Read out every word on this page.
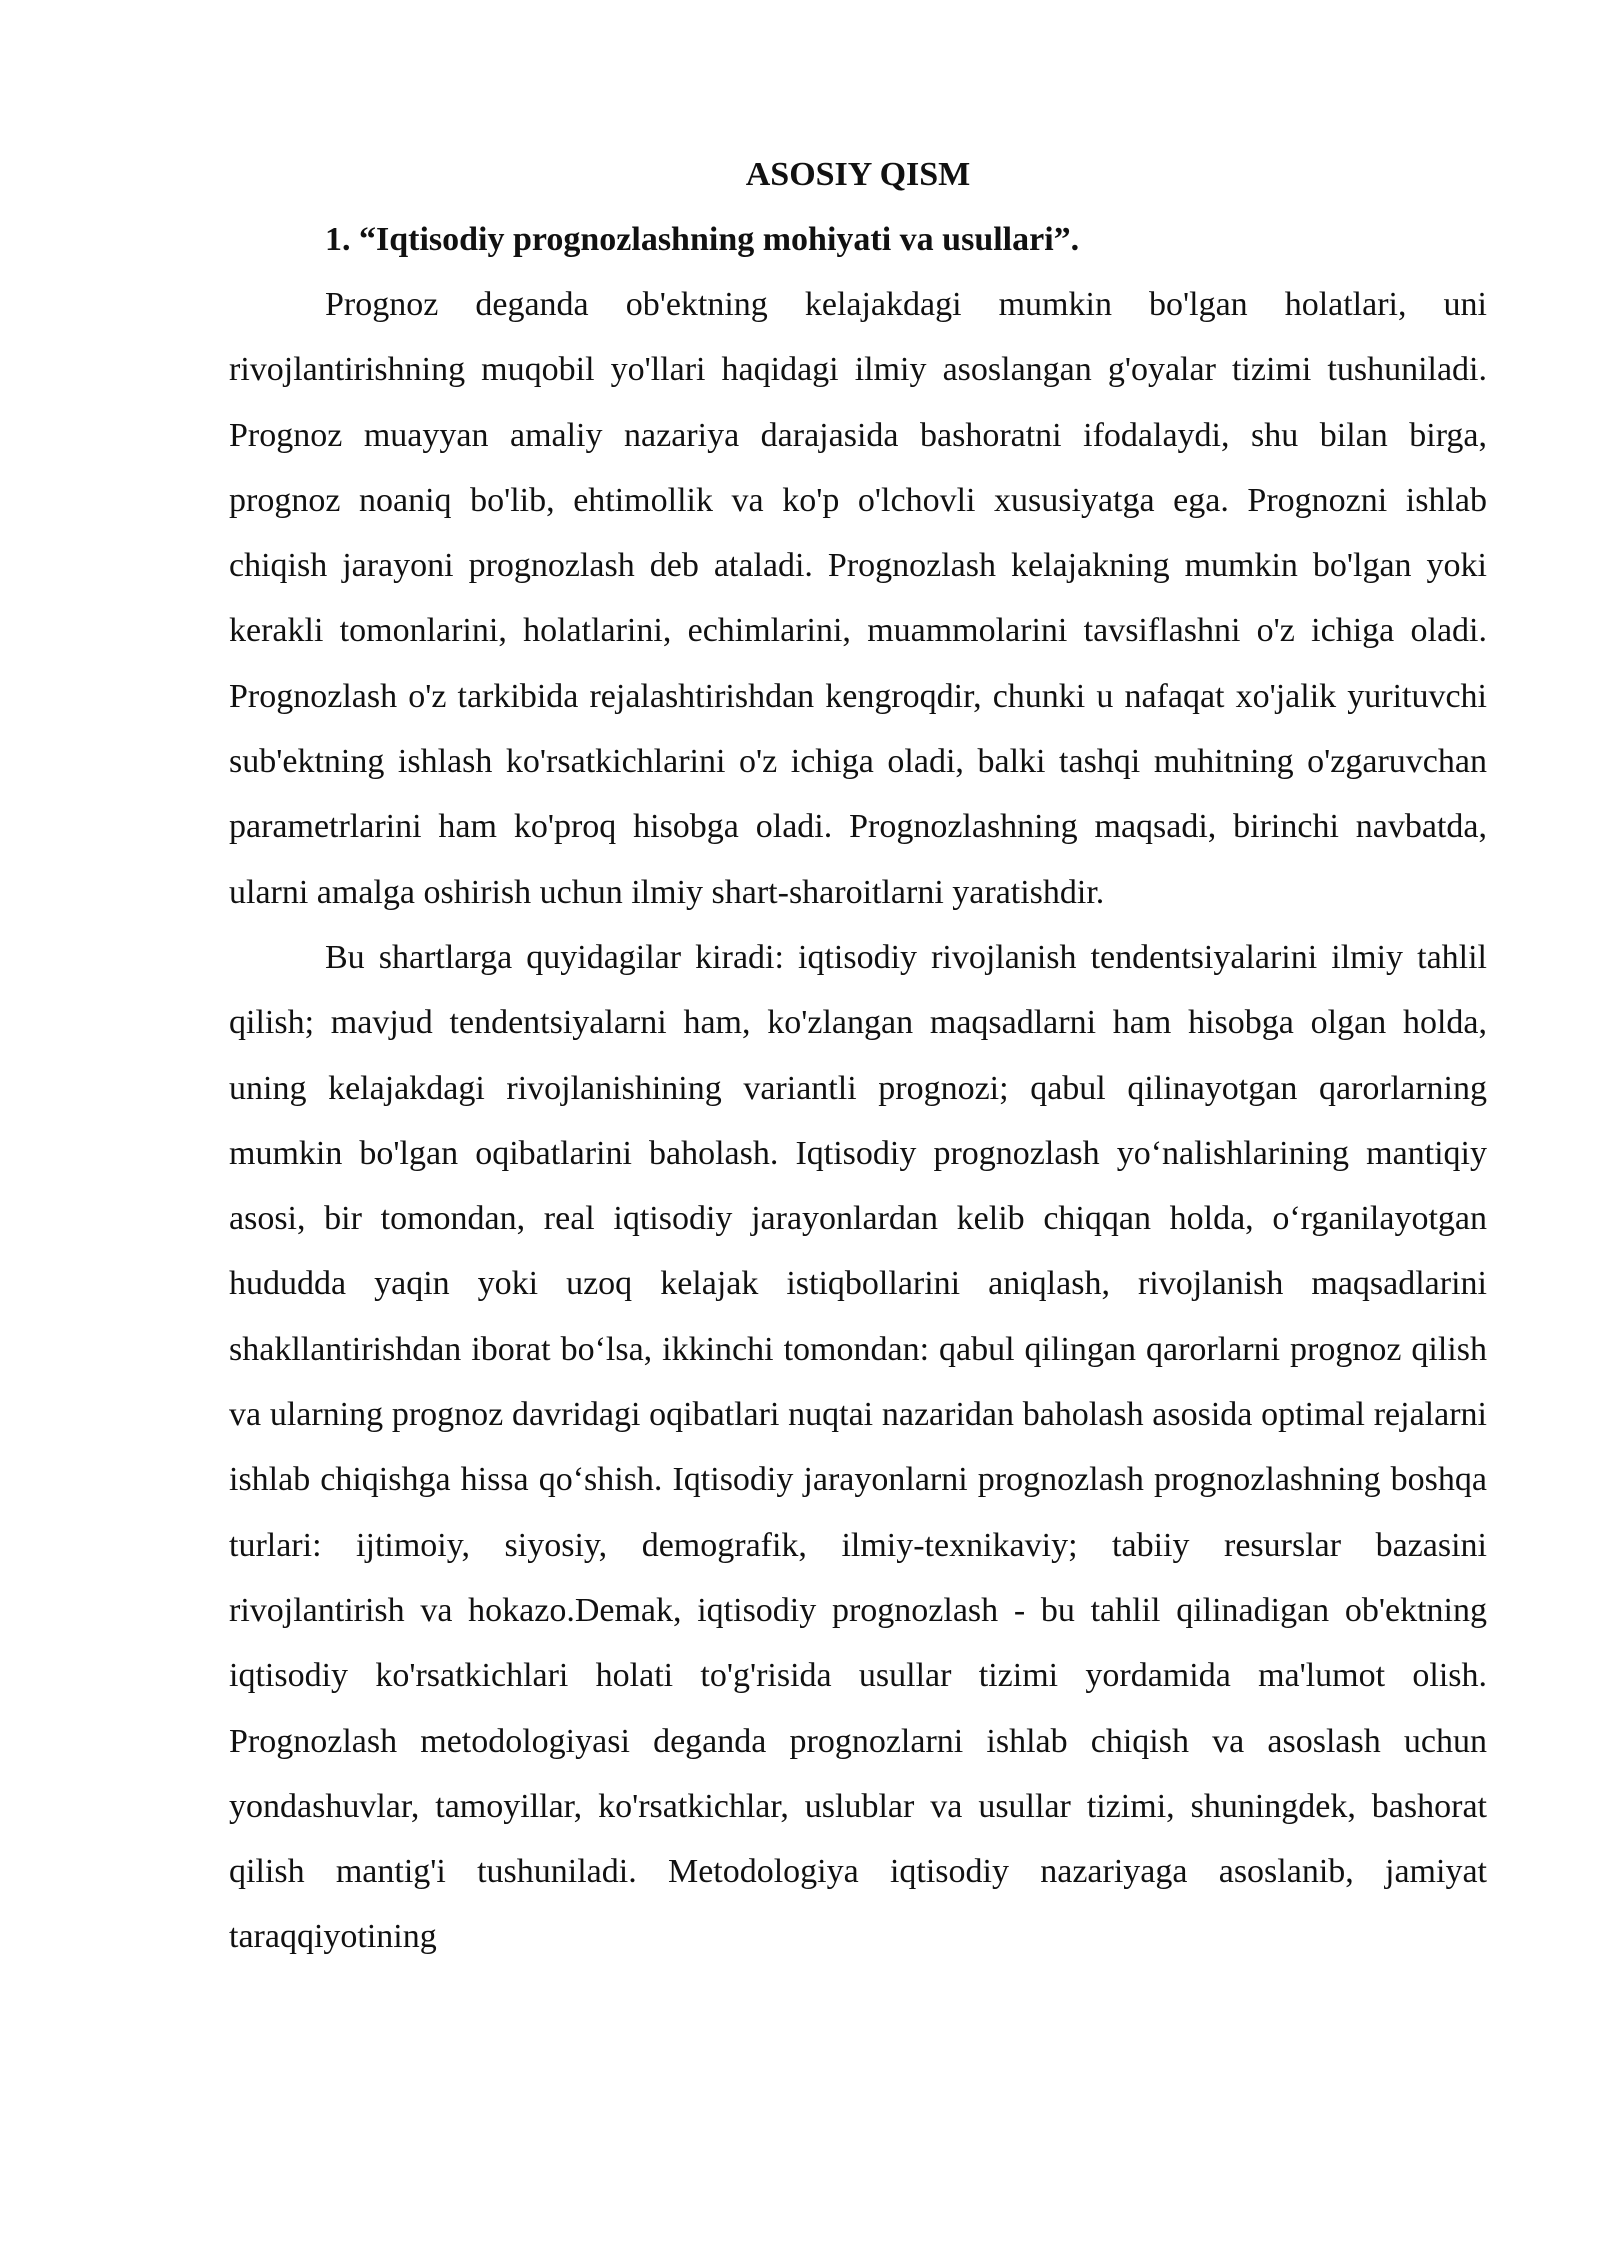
ASOSIY QISM

1. “Iqtisodiy prognozlashning mohiyati va usullari”.

Prognoz deganda ob'ektning kelajakdagi mumkin bo'lgan holatlari, uni rivojlantirishning muqobil yo'llari haqidagi ilmiy asoslangan g'oyalar tizimi tushuniladi. Prognoz muayyan amaliy nazariya darajasida bashoratni ifodalaydi, shu bilan birga, prognoz noaniq bo'lib, ehtimollik va ko'p o'lchovli xususiyatga ega. Prognozni ishlab chiqish jarayoni prognozlash deb ataladi. Prognozlash kelajakning mumkin bo'lgan yoki kerakli tomonlarini, holatlarini, echimlarini, muammolarini tavsiflashni o'z ichiga oladi. Prognozlash o'z tarkibida rejalashtirishdan kengroqdir, chunki u nafaqat xo'jalik yurituvchi sub'ektning ishlash ko'rsatkichlarini o'z ichiga oladi, balki tashqi muhitning o'zgaruvchan parametrlarini ham ko'proq hisobga oladi. Prognozlashning maqsadi, birinchi navbatda, ularni amalga oshirish uchun ilmiy shart-sharoitlarni yaratishdir.

Bu shartlarga quyidagilar kiradi: iqtisodiy rivojlanish tendentsiyalarini ilmiy tahlil qilish; mavjud tendentsiyalarni ham, ko'zlangan maqsadlarni ham hisobga olgan holda, uning kelajakdagi rivojlanishining variantli prognozi; qabul qilinayotgan qarorlarning mumkin bo'lgan oqibatlarini baholash. Iqtisodiy prognozlash yo‘nalishlarining mantiqiy asosi, bir tomondan, real iqtisodiy jarayonlardan kelib chiqqan holda, o‘rganilayotgan hududda yaqin yoki uzoq kelajak istiqbollarini aniqlash, rivojlanish maqsadlarini shakllantirishdan iborat bo‘lsa, ikkinchi tomondan: qabul qilingan qarorlarni prognoz qilish va ularning prognoz davridagi oqibatlari nuqtai nazaridan baholash asosida optimal rejalarni ishlab chiqishga hissa qo‘shish. Iqtisodiy jarayonlarni prognozlash prognozlashning boshqa turlari: ijtimoiy, siyosiy, demografik, ilmiy-texnikaviy; tabiiy resurslar bazasini rivojlantirish va hokazo.Demak, iqtisodiy prognozlash - bu tahlil qilinadigan ob'ektning iqtisodiy ko'rsatkichlari holati to'g'risida usullar tizimi yordamida ma'lumot olish. Prognozlash metodologiyasi deganda prognozlarni ishlab chiqish va asoslash uchun yondashuvlar, tamoyillar, ko'rsatkichlar, uslublar va usullar tizimi, shuningdek, bashorat qilish mantig'i tushuniladi. Metodologiya iqtisodiy nazariyaga asoslanib, jamiyat taraqqiyotining
